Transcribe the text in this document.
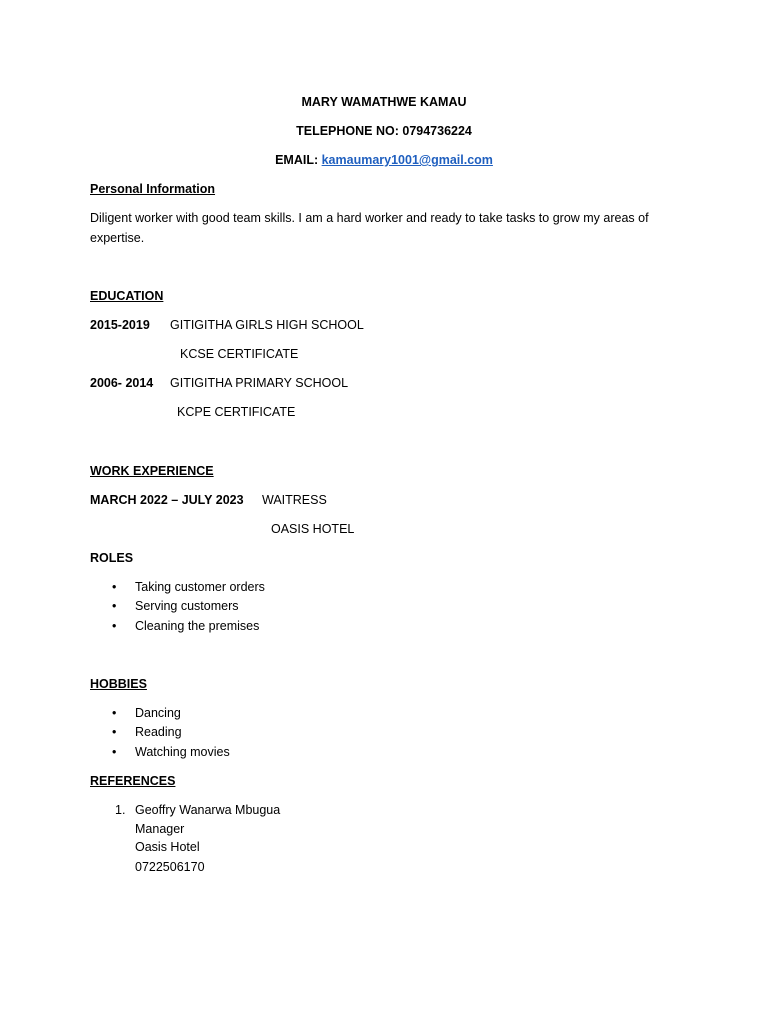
MARY WAMATHWE KAMAU
TELEPHONE NO: 0794736224
EMAIL: kamaumary1001@gmail.com
Personal Information
Diligent worker with good team skills. I am a hard worker and ready to take tasks to grow my areas of expertise.
EDUCATION
2015-2019 GITIGITHA GIRLS HIGH SCHOOL
KCSE CERTIFICATE
2006- 2014 GITIGITHA PRIMARY SCHOOL
KCPE CERTIFICATE
WORK EXPERIENCE
MARCH 2022 – JULY 2023 WAITRESS
OASIS HOTEL
ROLES
• Taking customer orders
• Serving customers
• Cleaning the premises
HOBBIES
• Dancing
• Reading
• Watching movies
REFERENCES
1. Geoffry Wanarwa Mbugua
Manager
Oasis Hotel
0722506170
